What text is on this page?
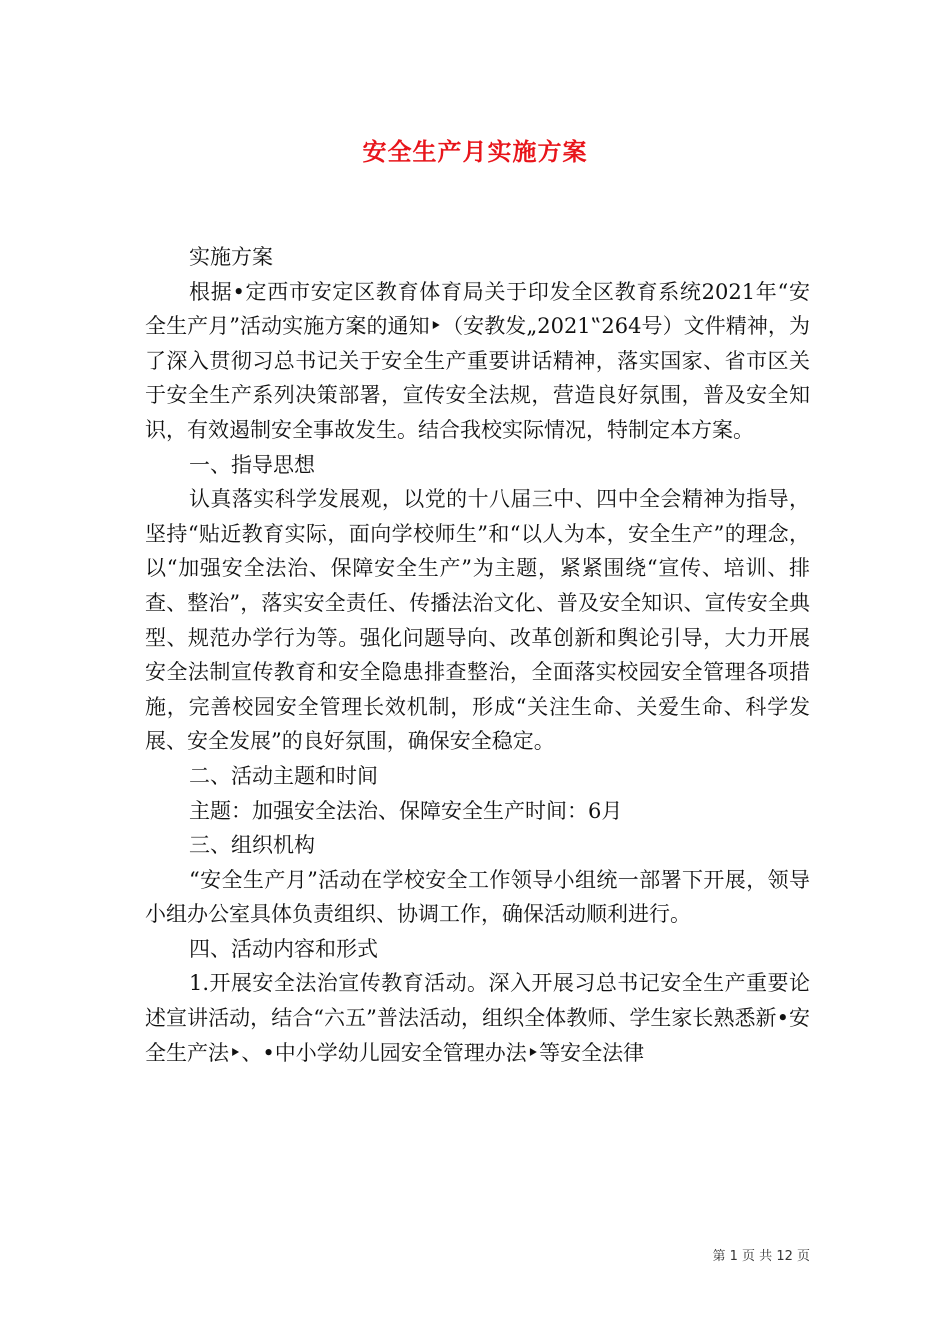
安全生产月实施方案

实施方案

根据•定西市安定区教育体育局关于印发全区教育系统2021年“安全生产月”活动实施方案的通知‣（安教发„2021‟264号）文件精神，为了深入贯彻习总书记关于安全生产重要讲话精神，落实国家、省市区关于安全生产系列决策部署，宣传安全法规，营造良好氛围，普及安全知识，有效遏制安全事故发生。结合我校实际情况，特制定本方案。

一、指导思想

认真落实科学发展观，以党的十八届三中、四中全会精神为指导，坚持“贴近教育实际，面向学校师生”和“以人为本，安全生产”的理念，以“加强安全法治、保障安全生产”为主题，紧紧围绕“宣传、培训、排查、整治”，落实安全责任、传播法治文化、普及安全知识、宣传安全典型、规范办学行为等。强化问题导向、改革创新和舆论引导，大力开展安全法制宣传教育和安全隐患排查整治，全面落实校园安全管理各项措施，完善校园安全管理长效机制，形成“关注生命、关爱生命、科学发展、安全发展”的良好氛围，确保安全稳定。

二、活动主题和时间

主题：加强安全法治、保障安全生产时间：6月

三、组织机构

“安全生产月”活动在学校安全工作领导小组统一部署下开展，领导小组办公室具体负责组织、协调工作，确保活动顺利进行。

四、活动内容和形式

1.开展安全法治宣传教育活动。深入开展习总书记安全生产重要论述宣讲活动，结合“六五”普法活动，组织全体教师、学生家长熟悉新•安全生产法‣、•中小学幼儿园安全管理办法‣等安全法律

第 1 页 共 12 页
